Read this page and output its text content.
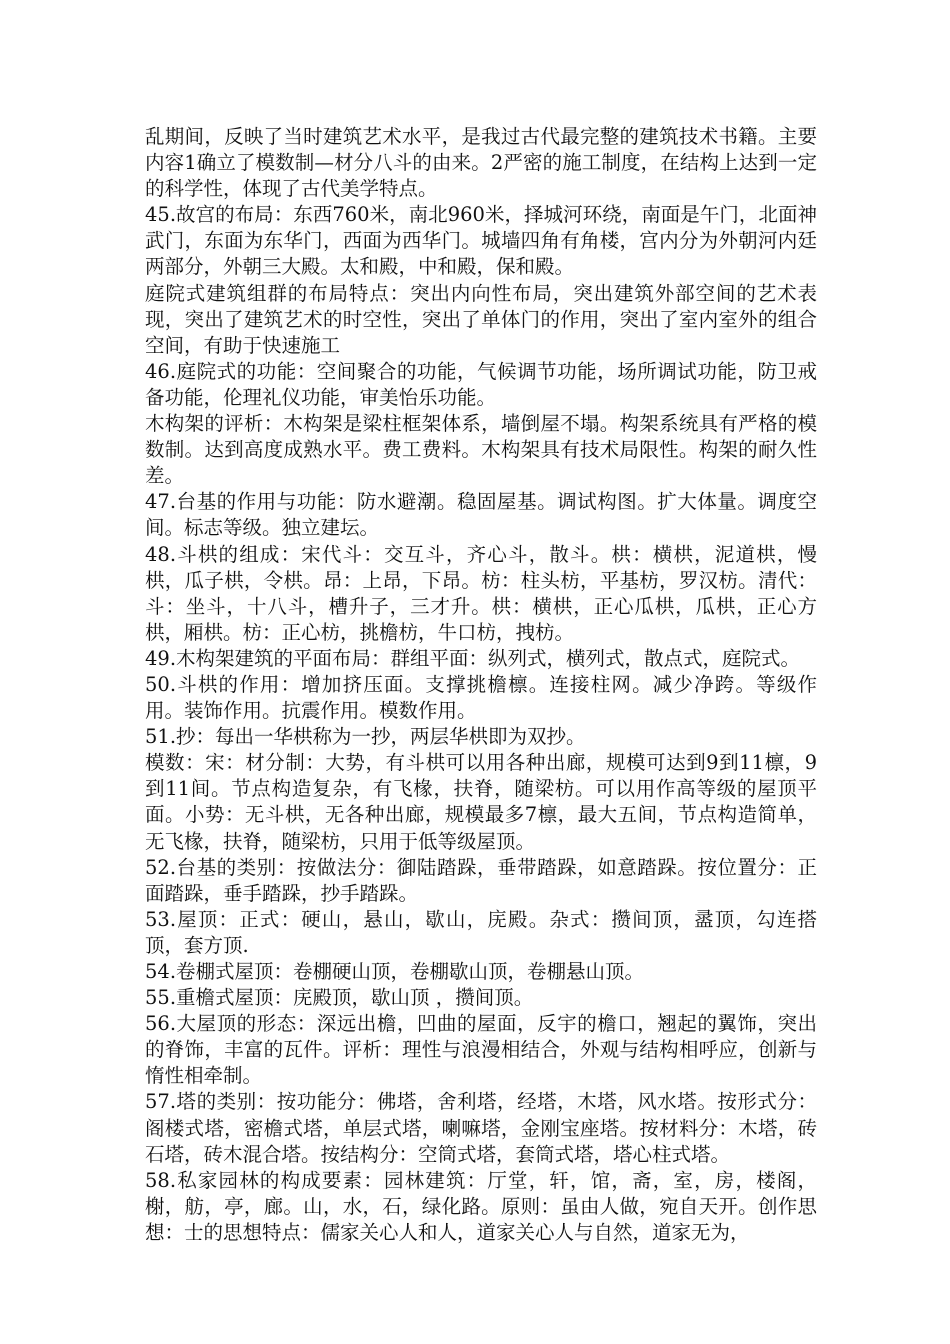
乱期间，反映了当时建筑艺术水平，是我过古代最完整的建筑技术书籍。主要内容1确立了模数制—材分八斗的由来。2严密的施工制度，在结构上达到一定的科学性，体现了古代美学特点。

45.故宫的布局：东西760米，南北960米，择城河环绕，南面是午门，北面神武门，东面为东华门，西面为西华门。城墙四角有角楼，宫内分为外朝河内廷两部分，外朝三大殿。太和殿，中和殿，保和殿。

庭院式建筑组群的布局特点：突出内向性布局，突出建筑外部空间的艺术表现，突出了建筑艺术的时空性，突出了单体门的作用，突出了室内室外的组合空间，有助于快速施工

46.庭院式的功能：空间聚合的功能，气候调节功能，场所调试功能，防卫戒备功能，伦理礼仪功能，审美怡乐功能。

木构架的评析：木构架是梁柱框架体系，墙倒屋不塌。构架系统具有严格的模数制。达到高度成熟水平。费工费料。木构架具有技术局限性。构架的耐久性差。

47.台基的作用与功能：防水避潮。稳固屋基。调试构图。扩大体量。调度空间。标志等级。独立建坛。

48.斗栱的组成：宋代斗：交互斗，齐心斗，散斗。栱：横栱，泥道栱，慢栱，瓜子栱，令栱。昂：上昂，下昂。枋：柱头枋，平基枋，罗汉枋。清代：斗：坐斗，十八斗，槽升子，三才升。栱：横栱，正心瓜栱，瓜栱，正心方栱，厢栱。枋：正心枋，挑檐枋，牛口枋，拽枋。

49.木构架建筑的平面布局：群组平面：纵列式，横列式，散点式，庭院式。

50.斗栱的作用：增加挤压面。支撑挑檐檩。连接柱网。减少净跨。等级作用。装饰作用。抗震作用。模数作用。

51.抄：每出一华栱称为一抄，两层华栱即为双抄。

模数：宋：材分制：大势，有斗栱可以用各种出廊，规模可达到9到11檩，9到11间。节点构造复杂，有飞椽，扶脊，随梁枋。可以用作高等级的屋顶平面。小势：无斗栱，无各种出廊，规模最多7檩，最大五间，节点构造简单，无飞椽，扶脊，随梁枋，只用于低等级屋顶。

52.台基的类别：按做法分：御陆踏跺，垂带踏跺，如意踏跺。按位置分：正面踏跺，垂手踏跺，抄手踏跺。

53.屋顶：正式：硬山，悬山，歇山，庑殿。杂式：攒间顶，盝顶，勾连搭顶，套方顶.

54.卷棚式屋顶：卷棚硬山顶，卷棚歇山顶，卷棚悬山顶。

55.重檐式屋顶：庑殿顶，歇山顶 ，攒间顶。

56.大屋顶的形态：深远出檐，凹曲的屋面，反宇的檐口，翘起的翼饰，突出的脊饰，丰富的瓦件。评析：理性与浪漫相结合，外观与结构相呼应，创新与惰性相牵制。

57.塔的类别：按功能分：佛塔，舍利塔，经塔，木塔，风水塔。按形式分：阁楼式塔，密檐式塔，单层式塔，喇嘛塔，金刚宝座塔。按材料分：木塔，砖石塔，砖木混合塔。按结构分：空筒式塔，套筒式塔，塔心柱式塔。

58.私家园林的构成要素：园林建筑：厅堂，轩，馆，斋，室，房，楼阁，榭，舫，亭，廊。山，水，石，绿化路。原则：虽由人做，宛自天开。创作思想：士的思想特点：儒家关心人和人，道家关心人与自然，道家无为，
